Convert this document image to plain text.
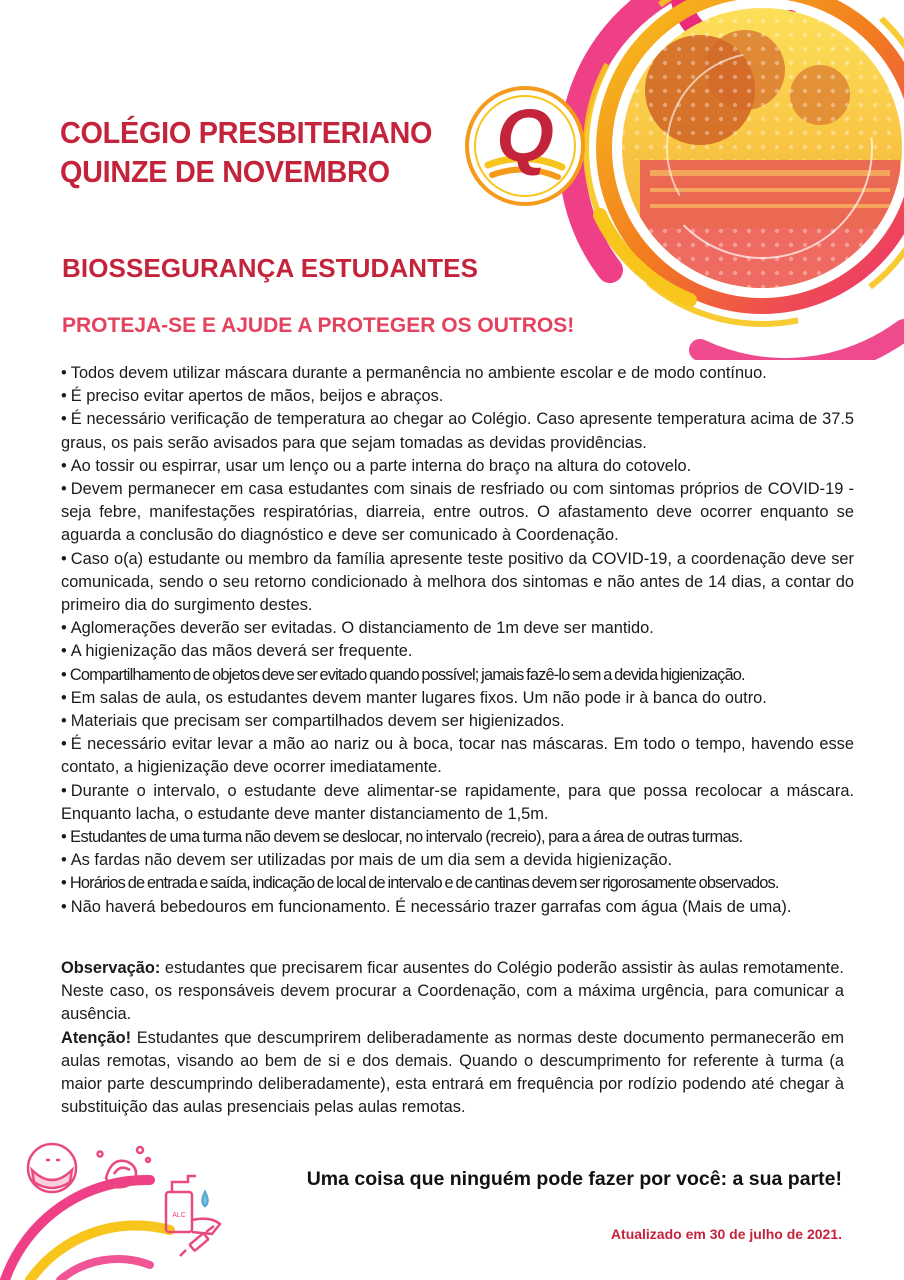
COLÉGIO PRESBITERIANO
QUINZE DE NOVEMBRO	Q
BIOSSEGURANÇA ESTUDANTES
PROTEJA-SE E AJUDE A PROTEGER OS OUTROS!

• Todos devem utilizar máscara durante a permanência no ambiente escolar e de modo contínuo.

• É preciso evitar apertos de mãos, beijos e abraços.

• É necessário verificação de temperatura ao chegar ao Colégio. Caso apresente temperatura acima de 37.5 graus, os pais serão avisados para que sejam tomadas as devidas providências.

• Ao tossir ou espirrar, usar um lenço ou a parte interna do braço na altura do cotovelo.

• Devem permanecer em casa estudantes com sinais de resfriado ou com sintomas próprios de COVID-19 - seja febre, manifestações respiratórias, diarreia, entre outros. O afastamento deve ocorrer enquanto se aguarda a conclusão do diagnóstico e deve ser comunicado à Coordenação.

• Caso o(a) estudante ou membro da família apresente teste positivo da COVID-19, a coordenação deve ser comunicada, sendo o seu retorno condicionado à melhora dos sintomas e não antes de 14 dias, a contar do primeiro dia do surgimento destes.

• Aglomerações deverão ser evitadas. O distanciamento de 1m deve ser mantido.

• A higienização das mãos deverá ser frequente.

• Compartilhamento de objetos deve ser evitado quando possível; jamais fazê-lo sem a devida higienização.

• Em salas de aula, os estudantes devem manter lugares fixos. Um não pode ir à banca do outro.

• Materiais que precisam ser compartilhados devem ser higienizados.

• É necessário evitar levar a mão ao nariz ou à boca, tocar nas máscaras. Em todo o tempo, havendo esse contato, a higienização deve ocorrer imediatamente.

• Durante o intervalo, o estudante deve alimentar-se rapidamente, para que possa recolocar a máscara. Enquanto lacha, o estudante deve manter distanciamento de 1,5m.

• Estudantes de uma turma não devem se deslocar, no intervalo (recreio), para a área de outras turmas.

• As fardas não devem ser utilizadas por mais de um dia sem a devida higienização.

• Horários de entrada e saída, indicação de local de intervalo e de cantinas devem ser rigorosamente observados.

• Não haverá bebedouros em funcionamento. É necessário trazer garrafas com água (Mais de uma).

Observação: estudantes que precisarem ficar ausentes do Colégio poderão assistir às aulas remotamente. Neste caso, os responsáveis devem procurar a Coordenação, com a máxima urgência, para comunicar a ausência.

Atenção! Estudantes que descumprirem deliberadamente as normas deste documento permanecerão em aulas remotas, visando ao bem de si e dos demais. Quando o descumprimento for referente à turma (a maior parte descumprindo deliberadamente), esta entrará em frequência por rodízio podendo até chegar à substituição das aulas presenciais pelas aulas remotas.

ALC
Uma coisa que ninguém pode fazer por você: a sua parte!
Atualizado em 30 de julho de 2021.
